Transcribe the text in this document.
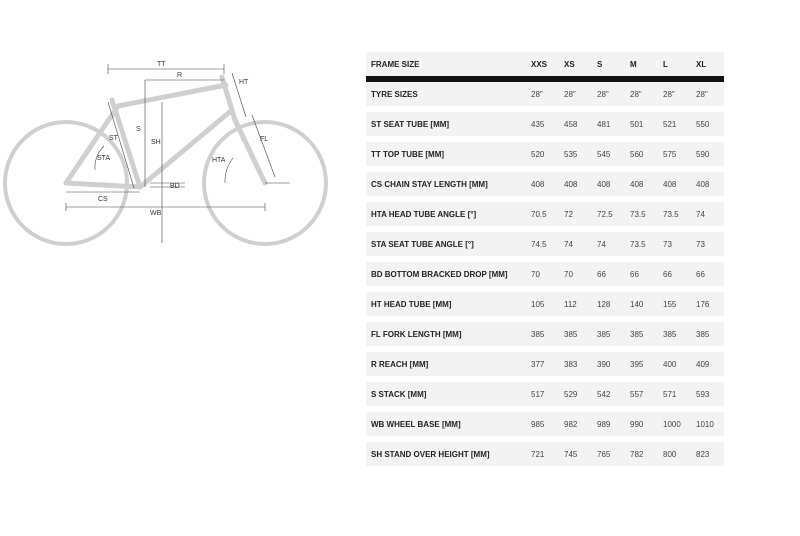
TT
R
HT
ST
S
SH	FL
STA	HTA
BD
CS
WB
FRAME SIZE	XXS	XS	S	M	L	XL
TYRE SIZES	28"	28"	28"	28"	28"	28"
ST SEAT TUBE [MM]	435	458	481	501	521	550
TT TOP TUBE [MM]	520	535	545	560	575	590
CS CHAIN STAY LENGTH [MM]	408	408	408	408	408	408
HTA HEAD TUBE ANGLE [°]	70.5	72	72.5	73.5	73.5	74
STA SEAT TUBE ANGLE [°]	74.5	74	74	73.5	73	73
BD BOTTOM BRACKED DROP [MM]	70	70	66	66	66	66
HT HEAD TUBE [MM]	105	112	128	140	155	176
FL FORK LENGTH [MM]	385	385	385	385	385	385
R REACH [MM]	377	383	390	395	400	409
S STACK [MM]	517	529	542	557	571	593
WB WHEEL BASE [MM]	985	982	989	990	1000	1010
SH STAND OVER HEIGHT [MM]	721	745	765	782	800	823
